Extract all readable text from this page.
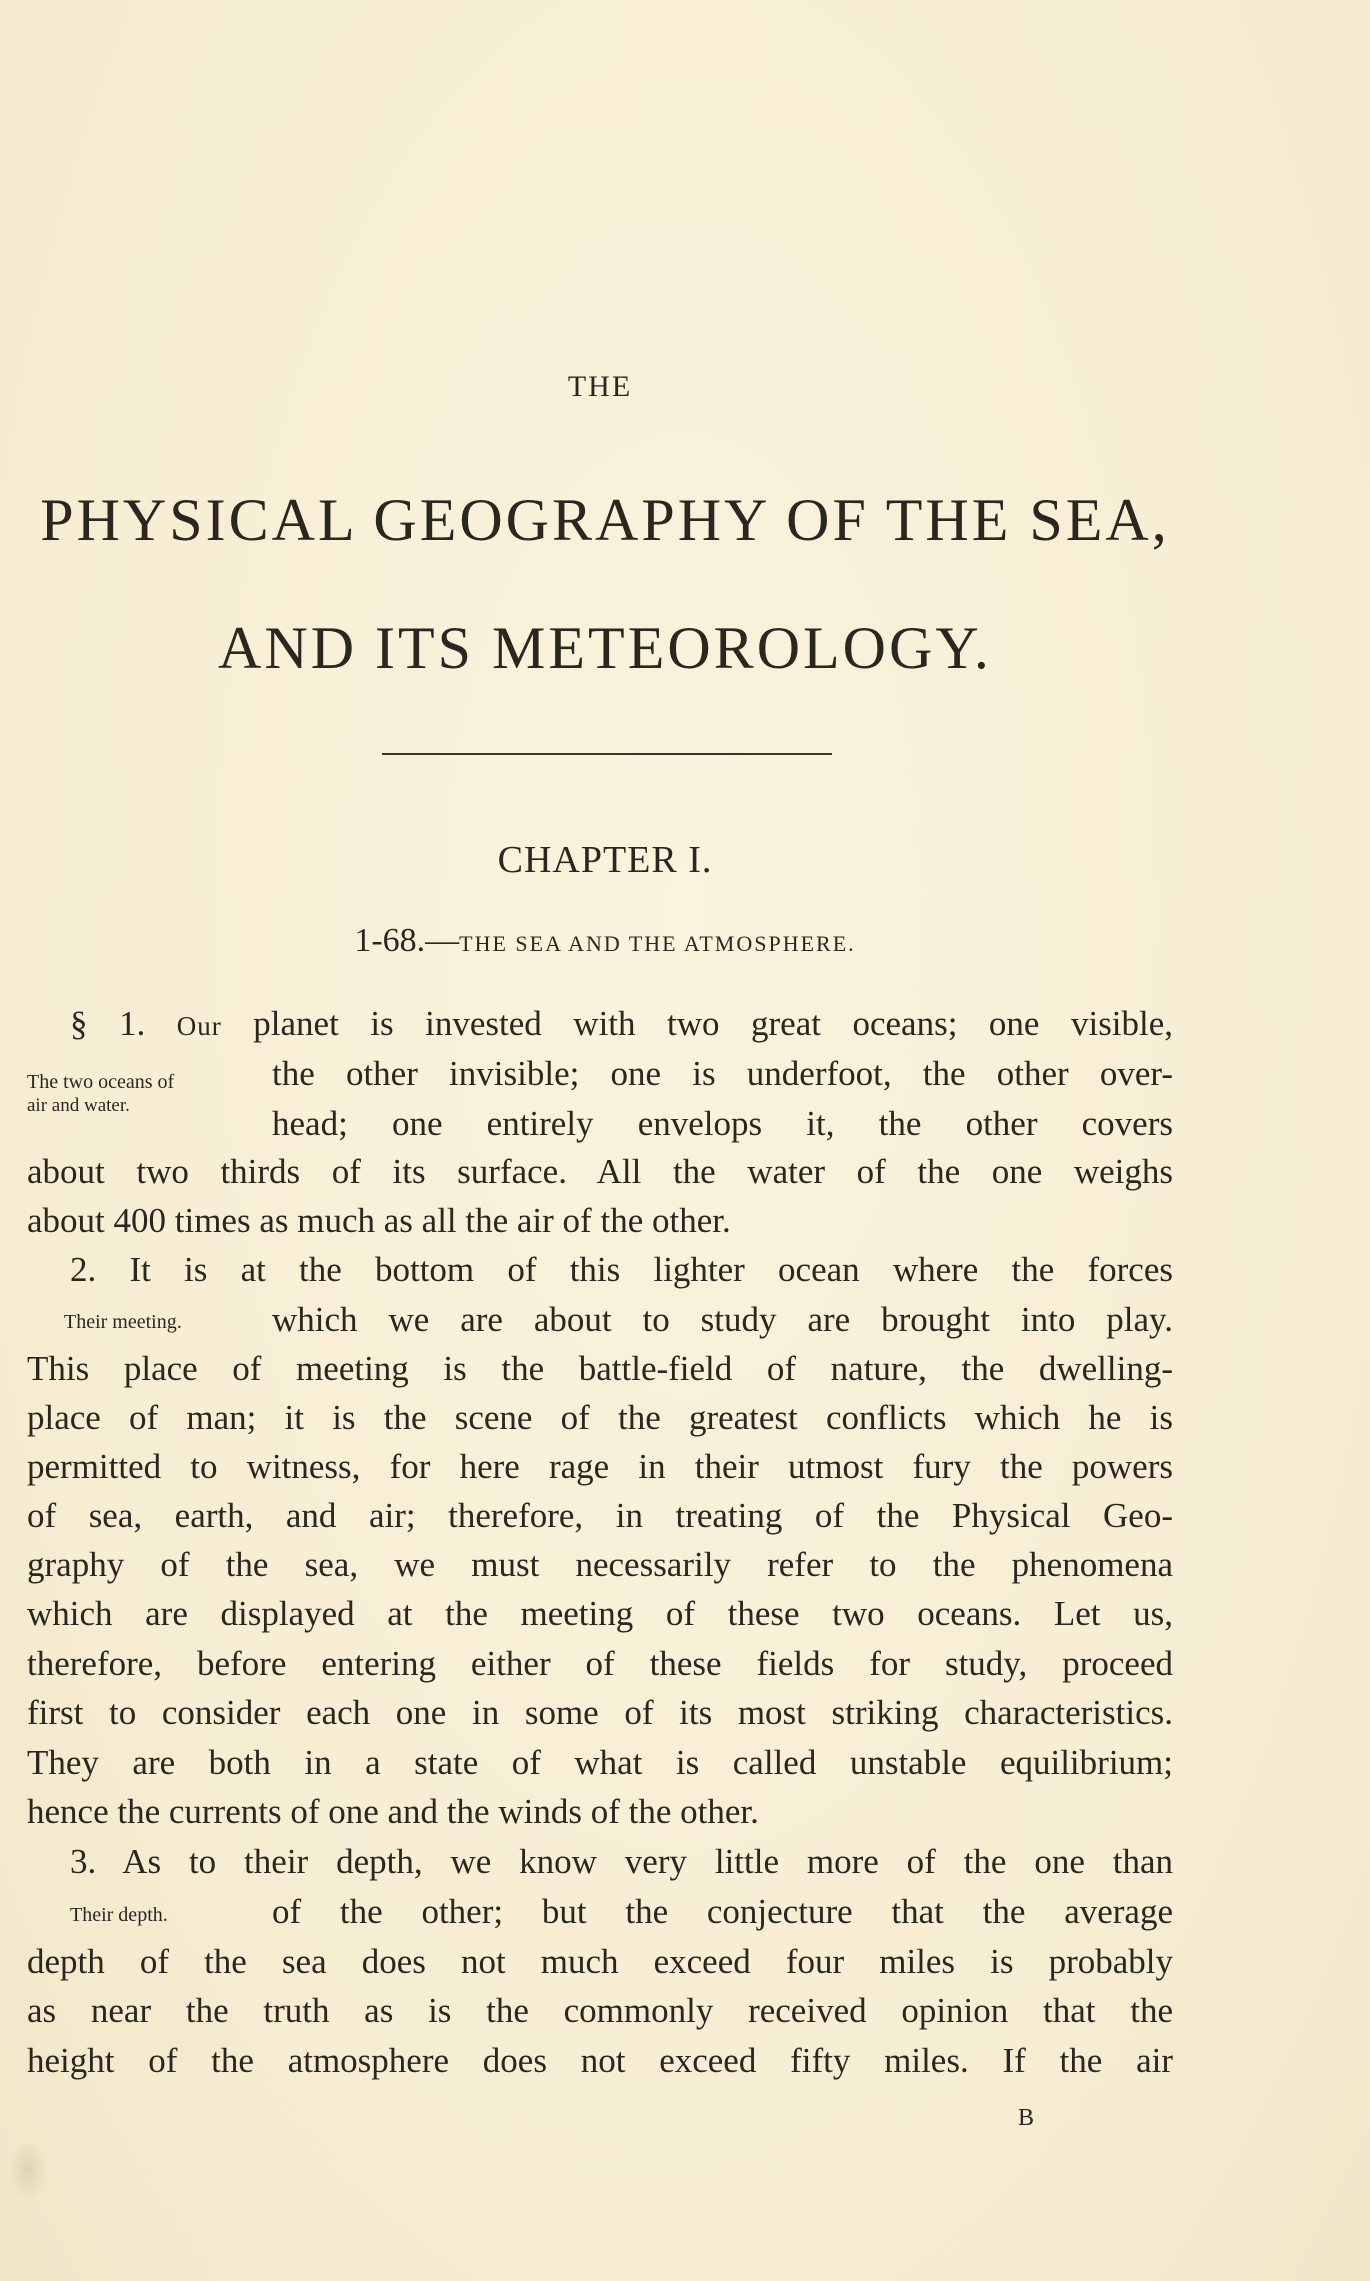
THE
PHYSICAL GEOGRAPHY OF THE SEA,
AND ITS METEOROLOGY.
CHAPTER I.
1-68.—THE SEA AND THE ATMOSPHERE.
§ 1. Our planet is invested with two great oceans; one visible,
The two oceans of
air and water.
the other invisible; one is underfoot, the other over-
head; one entirely envelops it, the other covers
about two thirds of its surface. All the water of the one weighs
about 400 times as much as all the air of the other.
2. It is at the bottom of this lighter ocean where the forces
Their meeting.	which we are about to study are brought into play.
This place of meeting is the battle-field of nature, the dwelling-
place of man; it is the scene of the greatest conflicts which he is
permitted to witness, for here rage in their utmost fury the powers
of sea, earth, and air; therefore, in treating of the Physical Geo-
graphy of the sea, we must necessarily refer to the phenomena
which are displayed at the meeting of these two oceans. Let us,
therefore, before entering either of these fields for study, proceed
first to consider each one in some of its most striking characteristics.
They are both in a state of what is called unstable equilibrium;
hence the currents of one and the winds of the other.
3. As to their depth, we know very little more of the one than
Their depth.	of the other; but the conjecture that the average
depth of the sea does not much exceed four miles is probably
as near the truth as is the commonly received opinion that the
height of the atmosphere does not exceed fifty miles. If the air
B
